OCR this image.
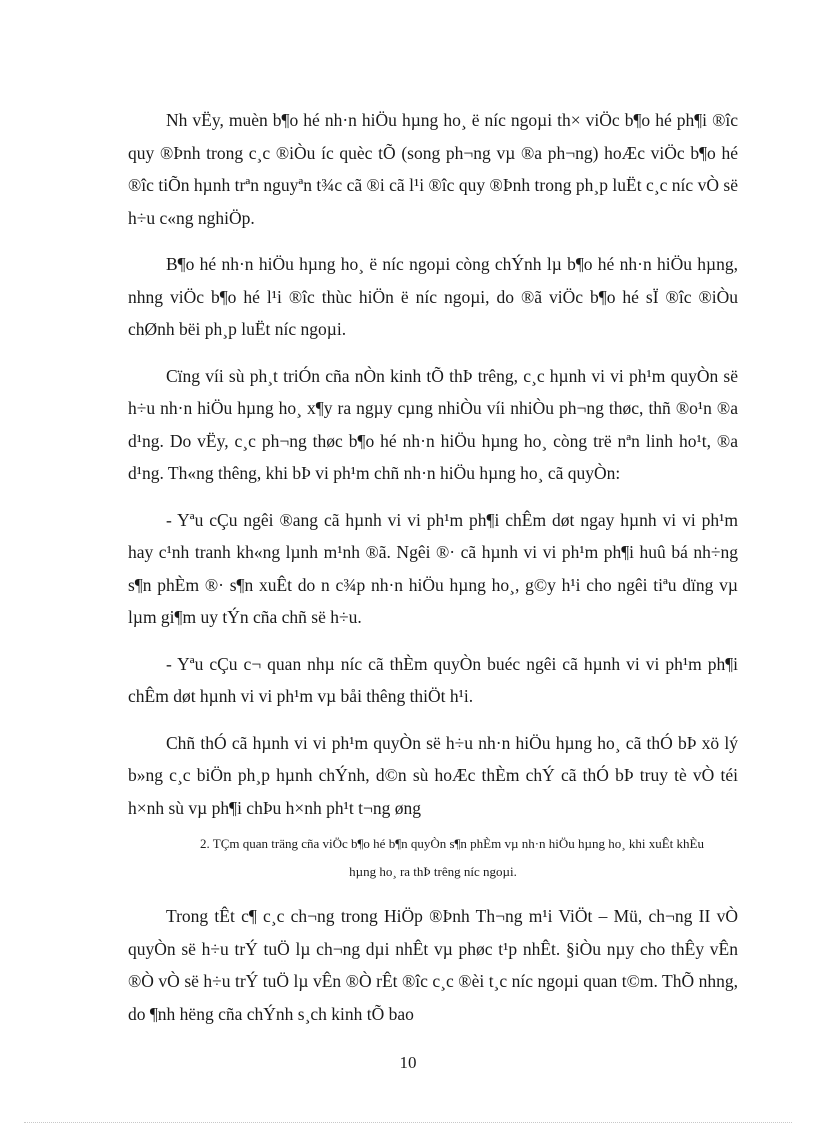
Nh vËy, muèn b¶o hé nh·n hiÖu hµng ho¸ ë níc ngoµi th× viÖc b¶o hé ph¶i ®îc quy ®Þnh trong c¸c ®iÒu íc quèc tÕ (song ph¬ng vµ ®a ph¬ng) hoÆc viÖc b¶o hé ®îc tiÕn hµnh trªn nguyªn t¾c cã ®i cã l¹i ®îc quy ®Þnh trong ph¸p luËt c¸c níc vÒ së h÷u c«ng nghiÖp.

B¶o hé nh·n hiÖu hµng ho¸ ë níc ngoµi còng chÝnh lµ b¶o hé nh·n hiÖu hµng, nhng viÖc b¶o hé l¹i ®îc thùc hiÖn ë níc ngoµi, do ®ã viÖc b¶o hé sÏ ®îc ®iÒu chØnh bëi ph¸p luËt níc ngoµi.

Cïng víi sù ph¸t triÓn cña nÒn kinh tÕ thÞ trêng, c¸c hµnh vi vi ph¹m quyÒn së h÷u nh·n hiÖu hµng ho¸ x¶y ra ngµy cµng nhiÒu víi nhiÒu ph¬ng thøc, thñ ®o¹n ®a d¹ng. Do vËy, c¸c ph¬ng thøc b¶o hé nh·n hiÖu hµng ho¸ còng trë nªn linh ho¹t, ®a d¹ng. Th«ng thêng, khi bÞ vi ph¹m chñ nh·n hiÖu hµng ho¸ cã quyÒn:

- Yªu cÇu ngêi ®ang cã hµnh vi vi ph¹m ph¶i chÊm døt ngay hµnh vi vi ph¹m hay c¹nh tranh kh«ng lµnh m¹nh ®ã. Ngêi ®· cã hµnh vi vi ph¹m ph¶i huû bá nh÷ng s¶n phÈm ®· s¶n xuÊt do n c¾p nh·n hiÖu hµng ho¸, g©y h¹i cho ngêi tiªu dïng vµ lµm gi¶m uy tÝn cña chñ së h÷u.

- Yªu cÇu c¬ quan nhµ níc cã thÈm quyÒn buéc ngêi cã hµnh vi vi ph¹m ph¶i chÊm døt hµnh vi vi ph¹m vµ båi thêng thiÖt h¹i.

Chñ thÓ cã hµnh vi vi ph¹m quyÒn së h÷u nh·n hiÖu hµng ho¸ cã thÓ bÞ xö lý b»ng c¸c biÖn ph¸p hµnh chÝnh, d©n sù hoÆc thÈm chÝ cã thÓ bÞ truy tè vÒ téi h×nh sù vµ ph¶i chÞu h×nh ph¹t t¬ng øng

2. TÇm quan träng cña viÖc b¶o hé b¶n quyÒn s¶n phÈm vµ nh·n hiÖu hµng ho¸ khi xuÊt khÈu hµng ho¸ ra thÞ trêng níc ngoµi.

Trong tÊt c¶ c¸c ch¬ng trong HiÖp ®Þnh Th¬ng m¹i ViÖt – Mü, ch¬ng II vÒ quyÒn së h÷u trÝ tuÖ lµ ch¬ng dµi nhÊt vµ phøc t¹p nhÊt. §iÒu nµy cho thÊy vÊn ®Ò vÒ së h÷u trÝ tuÖ lµ vÊn ®Ò rÊt ®îc c¸c ®èi t¸c níc ngoµi quan t©m. ThÕ nhng, do ¶nh hëng cña chÝnh s¸ch kinh tÕ bao

10
